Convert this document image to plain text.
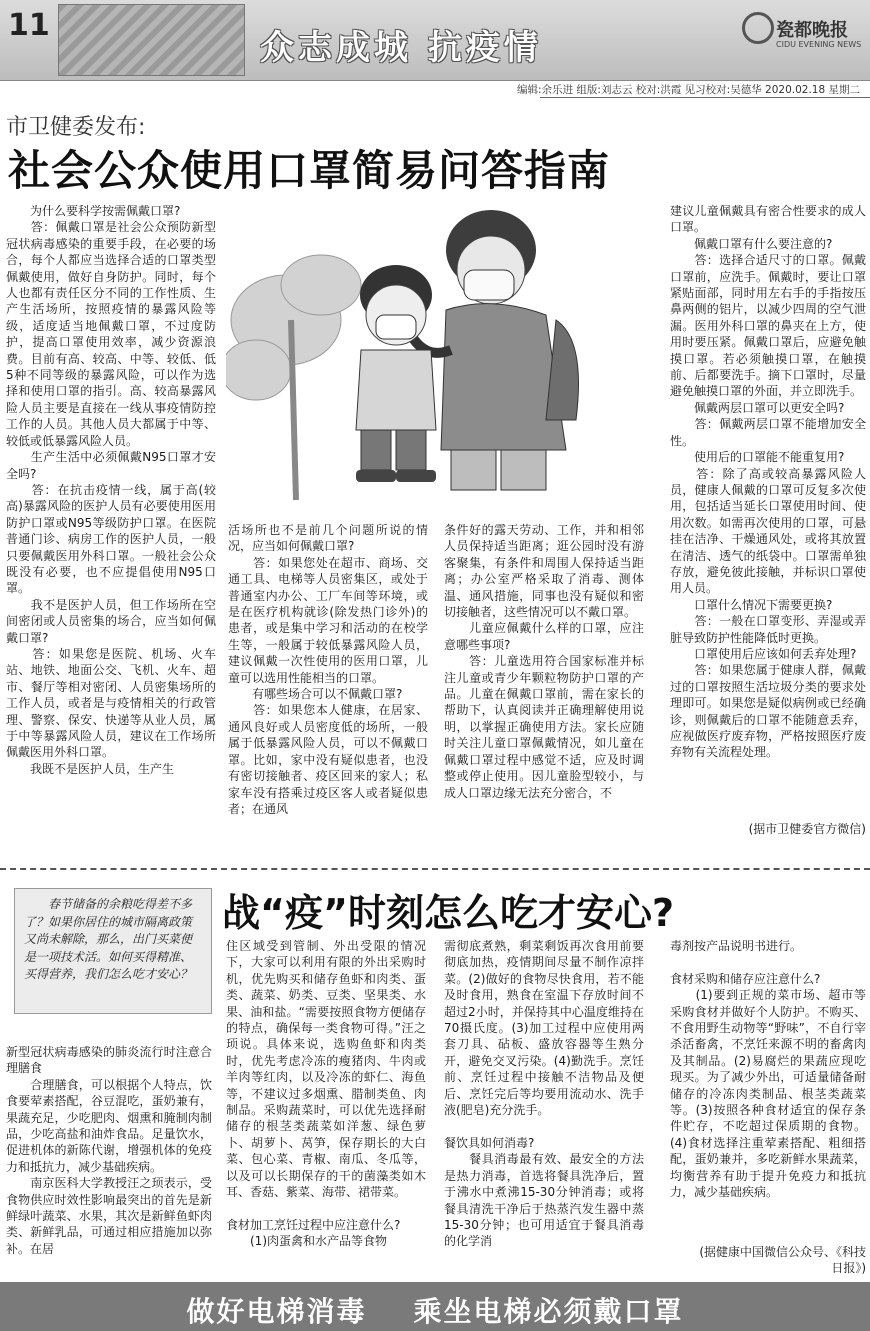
11
众志成城 抗疫情	瓷都晚报
CIDU EVENING NEWS
编辑:余乐进 组版:刘志云 校对:洪霞 见习校对:吴德华 2020.02.18 星期二
市卫健委发布:
社会公众使用口罩简易问答指南
　　为什么要科学按需佩戴口罩?
　　答：佩戴口罩是社会公众预防新型冠状病毒感染的重要手段，在必要的场合，每个人都应当选择合适的口罩类型佩戴使用，做好自身防护。同时，每个人也都有责任区分不同的工作性质、生产生活场所，按照疫情的暴露风险等级，适度适当地佩戴口罩，不过度防护，提高口罩使用效率，减少资源浪费。目前有高、较高、中等、较低、低5种不同等级的暴露风险，可以作为选择和使用口罩的指引。高、较高暴露风险人员主要是直接在一线从事疫情防控工作的人员。其他人员大都属于中等、较低或低暴露风险人员。
　　生产生活中必须佩戴N95口罩才安全吗?
　　答：在抗击疫情一线，属于高(较高)暴露风险的医护人员有必要使用医用防护口罩或N95等级防护口罩。在医院普通门诊、病房工作的医护人员，一般只要佩戴医用外科口罩。一般社会公众既没有必要，也不应提倡使用N95口罩。
　　我不是医护人员，但工作场所在空间密闭或人员密集的场合，应当如何佩戴口罩?
　　答：如果您是医院、机场、火车站、地铁、地面公交、飞机、火车、超市、餐厅等相对密闭、人员密集场所的工作人员，或者是与疫情相关的行政管理、警察、保安、快递等从业人员，属于中等暴露风险人员，建议在工作场所佩戴医用外科口罩。
　　我既不是医护人员，生产生
活场所也不是前几个问题所说的情况，应当如何佩戴口罩?
　　答：如果您处在超市、商场、交通工具、电梯等人员密集区，或处于普通室内办公、工厂车间等环境，或是在医疗机构就诊(除发热门诊外)的患者，或是集中学习和活动的在校学生等，一般属于较低暴露风险人员，建议佩戴一次性使用的医用口罩，儿童可以选用性能相当的口罩。
　　有哪些场合可以不佩戴口罩?
　　答：如果您本人健康，在居家、通风良好或人员密度低的场所，一般属于低暴露风险人员，可以不佩戴口罩。比如，家中没有疑似患者，也没有密切接触者、疫区回来的家人；私家车没有搭乘过疫区客人或者疑似患者；在通风
条件好的露天劳动、工作，并和相邻人员保持适当距离；逛公园时没有游客聚集，有条件和周围人保持适当距离；办公室严格采取了消毒、测体温、通风措施，同事也没有疑似和密切接触者，这些情况可以不戴口罩。
　　儿童应佩戴什么样的口罩，应注意哪些事项?
　　答：儿童选用符合国家标准并标注儿童或青少年颗粒物防护口罩的产品。儿童在佩戴口罩前，需在家长的帮助下，认真阅读并正确理解使用说明，以掌握正确使用方法。家长应随时关注儿童口罩佩戴情况，如儿童在佩戴口罩过程中感觉不适，应及时调整或停止使用。因儿童脸型较小，与成人口罩边缘无法充分密合，不
建议儿童佩戴具有密合性要求的成人口罩。
　　佩戴口罩有什么要注意的?
　　答：选择合适尺寸的口罩。佩戴口罩前，应洗手。佩戴时，要让口罩紧贴面部，同时用左右手的手指按压鼻两侧的铝片，以减少四周的空气泄漏。医用外科口罩的鼻夹在上方，使用时要压紧。佩戴口罩后，应避免触摸口罩。若必须触摸口罩，在触摸前、后都要洗手。摘下口罩时，尽量避免触摸口罩的外面，并立即洗手。
　　佩戴两层口罩可以更安全吗?
　　答：佩戴两层口罩不能增加安全性。
　　使用后的口罩能不能重复用?
　　答：除了高或较高暴露风险人员，健康人佩戴的口罩可反复多次使用，包括适当延长口罩使用时间、使用次数。如需再次使用的口罩，可悬挂在洁净、干燥通风处，或将其放置在清洁、透气的纸袋中。口罩需单独存放，避免彼此接触，并标识口罩使用人员。
　　口罩什么情况下需要更换?
　　答：一般在口罩变形、弄湿或弄脏导致防护性能降低时更换。
　　口罩使用后应该如何丢弃处理?
　　答：如果您属于健康人群，佩戴过的口罩按照生活垃圾分类的要求处理即可。如果您是疑似病例或已经确诊，则佩戴后的口罩不能随意丢弃，应视做医疗废弃物，严格按照医疗废弃物有关流程处理。
(据市卫健委官方微信)
　　春节储备的余粮吃得差不多了？如果你居住的城市隔离政策又尚未解除，那么，出门买菜便是一项技术活。如何买得精准、买得营养，我们怎么吃才安心？
战“疫”时刻怎么吃才安心?
新型冠状病毒感染的肺炎流行时注意合理膳食
　　合理膳食，可以根据个人特点，饮食要荤素搭配，谷豆混吃，蛋奶兼有，果蔬充足，少吃肥肉、烟熏和腌制肉制品，少吃高盐和油炸食品。足量饮水，促进机体的新陈代谢，增强机体的免疫力和抵抗力，减少基础疾病。
　　南京医科大学教授汪之顼表示，受食物供应时效性影响最突出的首先是新鲜绿叶蔬菜、水果，其次是新鲜鱼虾肉类、新鲜乳品，可通过相应措施加以弥补。在居
住区域受到管制、外出受限的情况下，大家可以利用有限的外出采购时机，优先购买和储存鱼虾和肉类、蛋类、蔬菜、奶类、豆类、坚果类、水果、油和盐。“需要按照食物方便储存的特点，确保每一类食物可得。”汪之顼说。具体来说，选购鱼虾和肉类时，优先考虑冷冻的瘦猪肉、牛肉或羊肉等红肉，以及冷冻的虾仁、海鱼等，不建议过多烟熏、腊制类鱼、肉制品。采购蔬菜时，可以优先选择耐储存的根茎类蔬菜如洋葱、绿色萝卜、胡萝卜、莴笋，保存期长的大白菜、包心菜、青椒、南瓜、冬瓜等，以及可以长期保存的干的菌藻类如木耳、香菇、紫菜、海带、裙带菜。

食材加工烹饪过程中应注意什么?
　　(1)肉蛋禽和水产品等食物
需彻底煮熟，剩菜剩饭再次食用前要彻底加热，疫情期间尽量不制作凉拌菜。(2)做好的食物尽快食用，若不能及时食用，熟食在室温下存放时间不超过2小时，并保持其中心温度维持在70摄氏度。(3)加工过程中应使用两套刀具、砧板、盛放容器等生熟分开，避免交叉污染。(4)勤洗手。烹饪前、烹饪过程中接触不洁物品及便后、烹饪完后等均要用流动水、洗手液(肥皂)充分洗手。

餐饮具如何消毒?
　　餐具消毒最有效、最安全的方法是热力消毒，首选将餐具洗净后，置于沸水中煮沸15-30分钟消毒；或将餐具清洗干净后于热蒸汽发生器中蒸15-30分钟；也可用适宜于餐具消毒的化学消
毒剂按产品说明书进行。

食材采购和储存应注意什么?
　　(1)要到正规的菜市场、超市等采购食材并做好个人防护。不购买、不食用野生动物等“野味”，不自行宰杀活畜禽，不烹饪来源不明的畜禽肉及其制品。(2)易腐烂的果蔬应现吃现买。为了减少外出，可适量储备耐储存的冷冻肉类制品、根茎类蔬菜等。(3)按照各种食材适宜的保存条件贮存，不吃超过保质期的食物。(4)食材选择注重荤素搭配、粗细搭配，蛋奶兼并，多吃新鲜水果蔬菜，均衡营养有助于提升免疫力和抵抗力，减少基础疾病。
(据健康中国微信公众号、《科技日报》)
做好电梯消毒    乘坐电梯必须戴口罩
